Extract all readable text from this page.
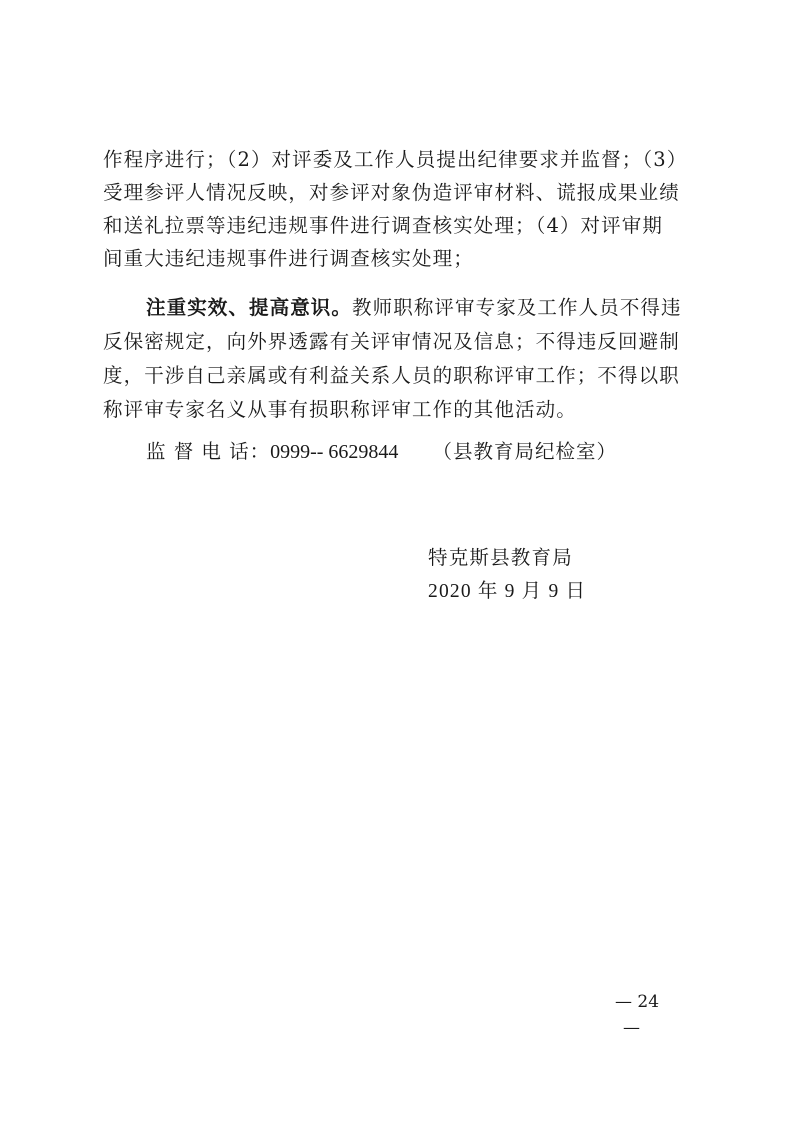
作程序进行；（2）对评委及工作人员提出纪律要求并监督；（3）
受理参评人情况反映，对参评对象伪造评审材料、谎报成果业绩
和送礼拉票等违纪违规事件进行调查核实处理；（4）对评审期
间重大违纪违规事件进行调查核实处理；
注重实效、提高意识。教师职称评审专家及工作人员不得违
反保密规定，向外界透露有关评审情况及信息；不得违反回避制
度，干涉自己亲属或有利益关系人员的职称评审工作；不得以职
称评审专家名义从事有损职称评审工作的其他活动。
监 督 电 话：0999-- 6629844 （县教育局纪检室）
特克斯县教育局
2020 年 9 月 9 日
— 24
—
